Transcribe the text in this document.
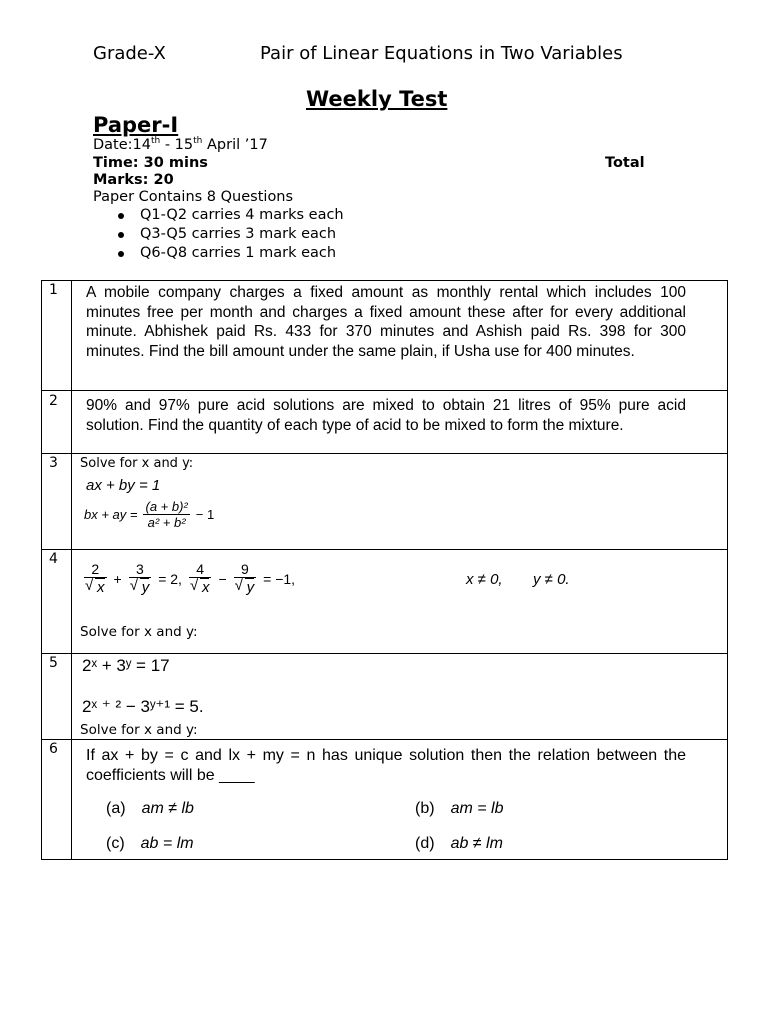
Grade-X	Pair of Linear Equations in Two Variables
Weekly Test
Paper-I
Date:14th - 15th April ’17
Time: 30 mins	Total
Marks: 20
Paper Contains 8 Questions
Q1-Q2 carries 4 marks each
Q3-Q5 carries 3 mark each
Q6-Q8 carries 1 mark each
1 A mobile company charges a fixed amount as monthly rental which includes 100 minutes free per month and charges a fixed amount these after for every additional minute. Abhishek paid Rs. 433 for 370 minutes and Ashish paid Rs. 398 for 300 minutes. Find the bill amount under the same plain, if Usha use for 400 minutes.
2 90% and 97% pure acid solutions are mixed to obtain 21 litres of 95% pure acid solution. Find the quantity of each type of acid to be mixed to form the mixture.
3 Solve for x and y:
ax + by = 1
bx + ay = $\frac{\text{(a + b)²}}{\text{a² + b²}} - 1$
4
2
√ x + 3
√ y = 2, 4
√ x − 9
√ y = −1,	x ≠ 0, y ≠ 0.
Solve for x and y:
5 2ˣ + 3ʸ = 17
2ˣ ⁺ ² − 3ʸ⁺¹ = 5.
Solve for x and y:
6 If ax + by = c and lx + my = n has unique solution then the relation between the coefficients will be ____
(a) am ≠ lb	(b) am = lb
(c) ab = lm	(d) ab ≠ lm
